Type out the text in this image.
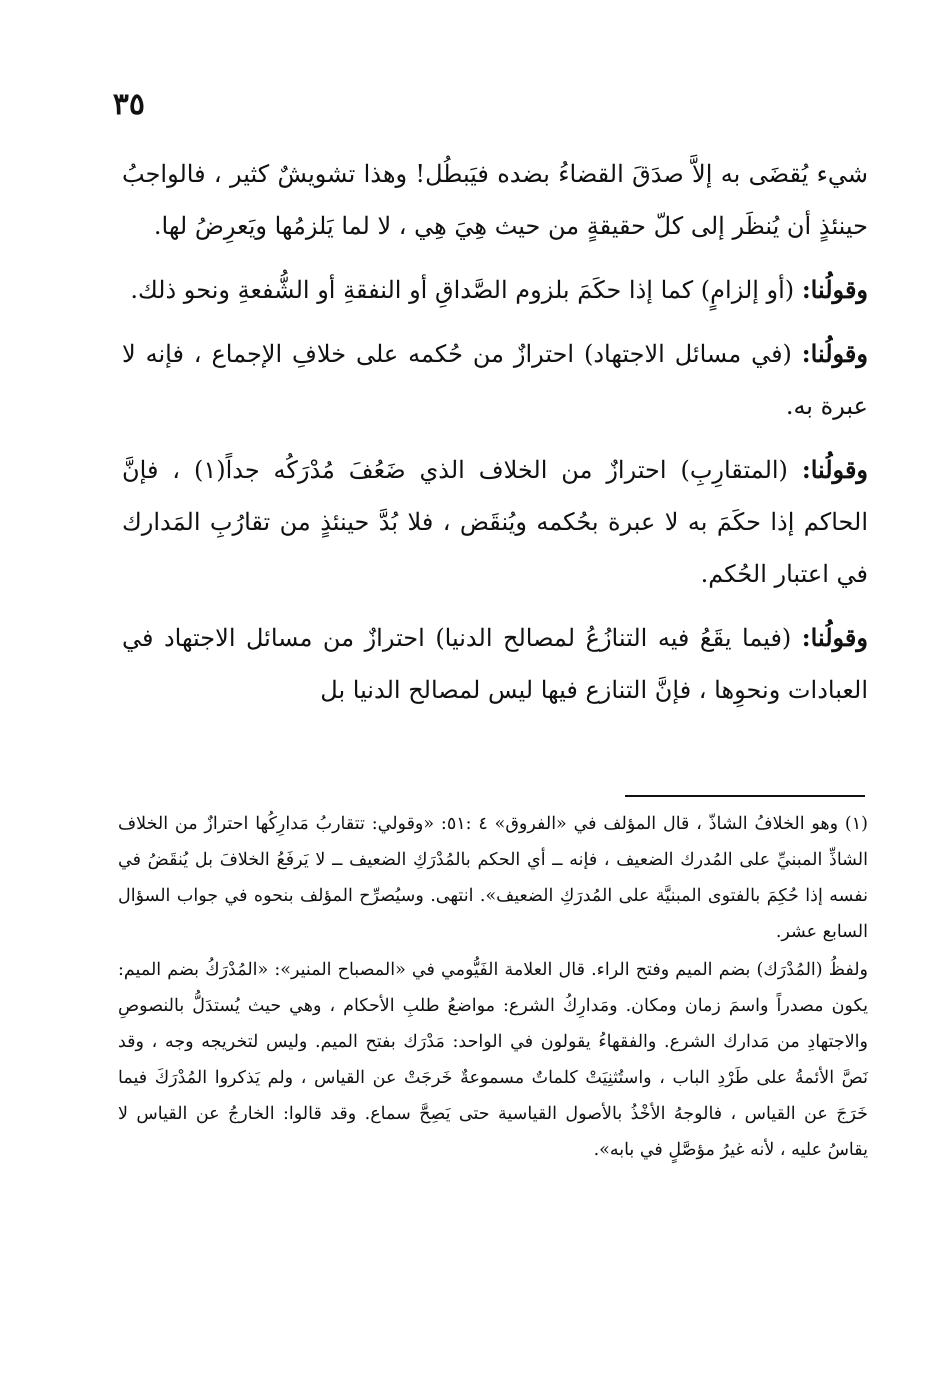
٣٥

شيء يُقضَى به إلاَّ صدَقَ القضاءُ بضده فيَبطُل! وهذا تشويشٌ كثير ، فالواجبُ حينئذٍ أن يُنظَر إلى كلّ حقيقةٍ من حيث هِيَ هِي ، لا لما يَلزمُها ويَعرِضُ لها.

وقولُنا: (أو إلزامٍ) كما إذا حكَمَ بلزوم الصَّداقِ أو النفقةِ أو الشُّفعةِ ونحو ذلك.

وقولُنا: (في مسائل الاجتهاد) احترازٌ من حُكمه على خلافِ الإجماع ، فإنه لا عبرة به.

وقولُنا: (المتقارِبِ) احترازٌ من الخلاف الذي ضَعُفَ مُدْرَكُه جداً(١) ، فإنَّ الحاكم إذا حكَمَ به لا عبرة بحُكمه ويُنقَض ، فلا بُدَّ حينئذٍ من تقارُبِ المَدارك في اعتبار الحُكم.

وقولُنا: (فيما يقَعُ فيه التنازُعُ لمصالح الدنيا) احترازٌ من مسائل الاجتهاد في العبادات ونحوِها ، فإنَّ التنازع فيها ليس لمصالح الدنيا بل

(١) وهو الخلافُ الشاذّ ، قال المؤلف في «الفروق» ٤ :٥١: «وقولي: تتقاربُ مَدارِكُها احترازٌ من الخلاف الشاذِّ المبنيِّ على المُدرك الضعيف ، فإنه ــ أي الحكم بالمُدْرَكِ الضعيف ــ لا يَرفَعُ الخلافَ بل يُنقَضُ في نفسه إذا حُكِمَ بالفتوى المبنيَّة على المُدرَكِ الضعيف». انتهى. وسيُصرِّح المؤلف بنحوه في جواب السؤال السابع عشر.

ولفظُ (المُدْرَك) بضم الميم وفتح الراء. قال العلامة الفَيُّومي في «المصباح المنير»: «المُدْرَكُ بضم الميم: يكون مصدراً واسمَ زمان ومكان. ومَدارِكُ الشرع: مواضعُ طلبِ الأحكام ، وهي حيث يُستدَلُّ بالنصوصِ والاجتهادِ من مَدارك الشرع. والفقهاءُ يقولون في الواحد: مَدْرَك بفتح الميم. وليس لتخريجه وجه ، وقد نَصَّ الأئمةُ على طَرْدِ الباب ، واستُثنِيَتْ كلماتٌ مسموعةٌ خَرجَتْ عن القياس ، ولم يَذكروا المُدْرَكَ فيما خَرَجَ عن القياس ، فالوجهُ الأخْذُ بالأصول القياسية حتى يَصِحَّ سماع. وقد قالوا: الخارجُ عن القياس لا يقاسُ عليه ، لأنه غيرُ مؤصَّلٍ في بابه».
